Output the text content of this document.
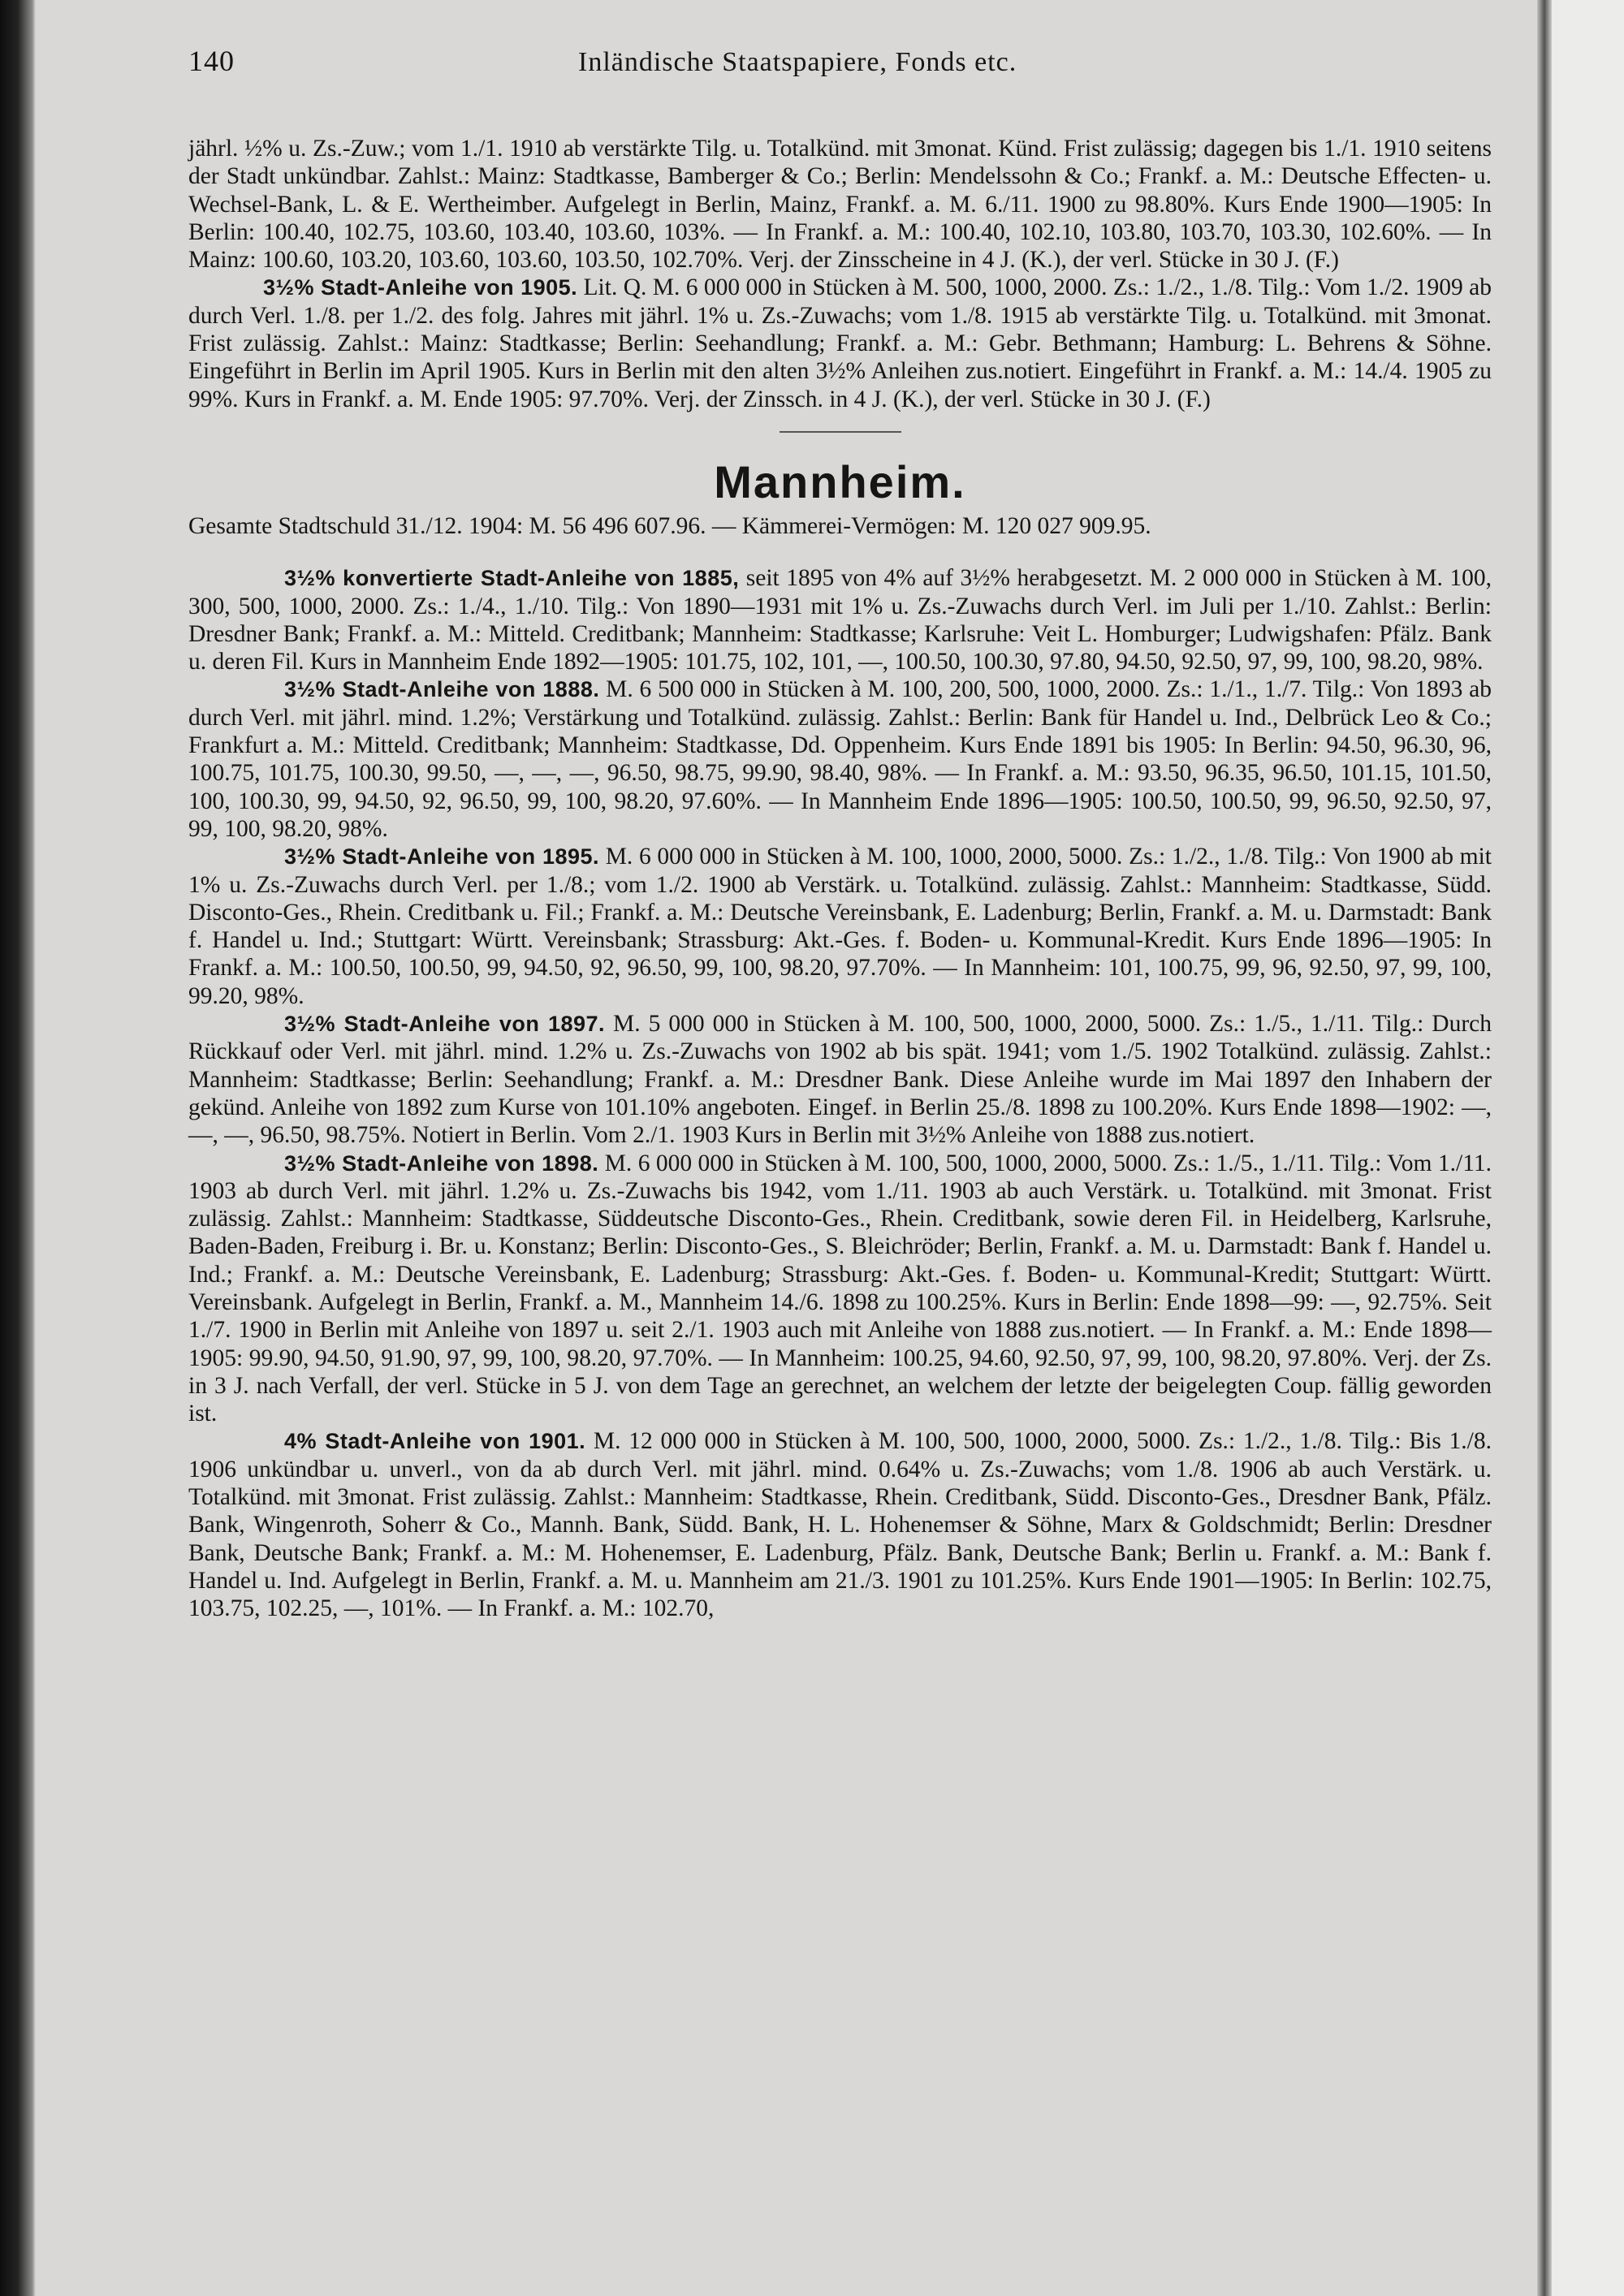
140	Inländische Staatspapiere, Fonds etc.

jährl. ½% u. Zs.-Zuw.; vom 1./1. 1910 ab verstärkte Tilg. u. Totalkünd. mit 3monat. Künd. Frist zulässig; dagegen bis 1./1. 1910 seitens der Stadt unkündbar. Zahlst.: Mainz: Stadtkasse, Bamberger & Co.; Berlin: Mendelssohn & Co.; Frankf. a. M.: Deutsche Effecten- u. Wechsel-Bank, L. & E. Wertheimber. Aufgelegt in Berlin, Mainz, Frankf. a. M. 6./11. 1900 zu 98.80%. Kurs Ende 1900—1905: In Berlin: 100.40, 102.75, 103.60, 103.40, 103.60, 103%. — In Frankf. a. M.: 100.40, 102.10, 103.80, 103.70, 103.30, 102.60%. — In Mainz: 100.60, 103.20, 103.60, 103.60, 103.50, 102.70%. Verj. der Zinsscheine in 4 J. (K.), der verl. Stücke in 30 J. (F.)

3½% Stadt-Anleihe von 1905. Lit. Q. M. 6 000 000 in Stücken à M. 500, 1000, 2000. Zs.: 1./2., 1./8. Tilg.: Vom 1./2. 1909 ab durch Verl. 1./8. per 1./2. des folg. Jahres mit jährl. 1% u. Zs.-Zuwachs; vom 1./8. 1915 ab verstärkte Tilg. u. Totalkünd. mit 3monat. Frist zulässig. Zahlst.: Mainz: Stadtkasse; Berlin: Seehandlung; Frankf. a. M.: Gebr. Bethmann; Hamburg: L. Behrens & Söhne. Eingeführt in Berlin im April 1905. Kurs in Berlin mit den alten 3½% Anleihen zus.notiert. Eingeführt in Frankf. a. M.: 14./4. 1905 zu 99%. Kurs in Frankf. a. M. Ende 1905: 97.70%. Verj. der Zinssch. in 4 J. (K.), der verl. Stücke in 30 J. (F.)

Mannheim.

Gesamte Stadtschuld 31./12. 1904: M. 56 496 607.96. — Kämmerei-Vermögen: M. 120 027 909.95.

3½% konvertierte Stadt-Anleihe von 1885, seit 1895 von 4% auf 3½% herabgesetzt. M. 2 000 000 in Stücken à M. 100, 300, 500, 1000, 2000. Zs.: 1./4., 1./10. Tilg.: Von 1890—1931 mit 1% u. Zs.-Zuwachs durch Verl. im Juli per 1./10. Zahlst.: Berlin: Dresdner Bank; Frankf. a. M.: Mitteld. Creditbank; Mannheim: Stadtkasse; Karlsruhe: Veit L. Homburger; Ludwigshafen: Pfälz. Bank u. deren Fil. Kurs in Mannheim Ende 1892—1905: 101.75, 102, 101, —, 100.50, 100.30, 97.80, 94.50, 92.50, 97, 99, 100, 98.20, 98%.

3½% Stadt-Anleihe von 1888. M. 6 500 000 in Stücken à M. 100, 200, 500, 1000, 2000. Zs.: 1./1., 1./7. Tilg.: Von 1893 ab durch Verl. mit jährl. mind. 1.2%; Verstärkung und Totalkünd. zulässig. Zahlst.: Berlin: Bank für Handel u. Ind., Delbrück Leo & Co.; Frankfurt a. M.: Mitteld. Creditbank; Mannheim: Stadtkasse, Dd. Oppenheim. Kurs Ende 1891 bis 1905: In Berlin: 94.50, 96.30, 96, 100.75, 101.75, 100.30, 99.50, —, —, —, 96.50, 98.75, 99.90, 98.40, 98%. — In Frankf. a. M.: 93.50, 96.35, 96.50, 101.15, 101.50, 100, 100.30, 99, 94.50, 92, 96.50, 99, 100, 98.20, 97.60%. — In Mannheim Ende 1896—1905: 100.50, 100.50, 99, 96.50, 92.50, 97, 99, 100, 98.20, 98%.

3½% Stadt-Anleihe von 1895. M. 6 000 000 in Stücken à M. 100, 1000, 2000, 5000. Zs.: 1./2., 1./8. Tilg.: Von 1900 ab mit 1% u. Zs.-Zuwachs durch Verl. per 1./8.; vom 1./2. 1900 ab Verstärk. u. Totalkünd. zulässig. Zahlst.: Mannheim: Stadtkasse, Südd. Disconto-Ges., Rhein. Creditbank u. Fil.; Frankf. a. M.: Deutsche Vereinsbank, E. Ladenburg; Berlin, Frankf. a. M. u. Darmstadt: Bank f. Handel u. Ind.; Stuttgart: Württ. Vereinsbank; Strassburg: Akt.-Ges. f. Boden- u. Kommunal-Kredit. Kurs Ende 1896—1905: In Frankf. a. M.: 100.50, 100.50, 99, 94.50, 92, 96.50, 99, 100, 98.20, 97.70%. — In Mannheim: 101, 100.75, 99, 96, 92.50, 97, 99, 100, 99.20, 98%.

3½% Stadt-Anleihe von 1897. M. 5 000 000 in Stücken à M. 100, 500, 1000, 2000, 5000. Zs.: 1./5., 1./11. Tilg.: Durch Rückkauf oder Verl. mit jährl. mind. 1.2% u. Zs.-Zuwachs von 1902 ab bis spät. 1941; vom 1./5. 1902 Totalkünd. zulässig. Zahlst.: Mannheim: Stadtkasse; Berlin: Seehandlung; Frankf. a. M.: Dresdner Bank. Diese Anleihe wurde im Mai 1897 den Inhabern der gekünd. Anleihe von 1892 zum Kurse von 101.10% angeboten. Eingef. in Berlin 25./8. 1898 zu 100.20%. Kurs Ende 1898—1902: —, —, —, 96.50, 98.75%. Notiert in Berlin. Vom 2./1. 1903 Kurs in Berlin mit 3½% Anleihe von 1888 zus.notiert.

3½% Stadt-Anleihe von 1898. M. 6 000 000 in Stücken à M. 100, 500, 1000, 2000, 5000. Zs.: 1./5., 1./11. Tilg.: Vom 1./11. 1903 ab durch Verl. mit jährl. 1.2% u. Zs.-Zuwachs bis 1942, vom 1./11. 1903 ab auch Verstärk. u. Totalkünd. mit 3monat. Frist zulässig. Zahlst.: Mannheim: Stadtkasse, Süddeutsche Disconto-Ges., Rhein. Creditbank, sowie deren Fil. in Heidelberg, Karlsruhe, Baden-Baden, Freiburg i. Br. u. Konstanz; Berlin: Disconto-Ges., S. Bleichröder; Berlin, Frankf. a. M. u. Darmstadt: Bank f. Handel u. Ind.; Frankf. a. M.: Deutsche Vereinsbank, E. Ladenburg; Strassburg: Akt.-Ges. f. Boden- u. Kommunal-Kredit; Stuttgart: Württ. Vereinsbank. Aufgelegt in Berlin, Frankf. a. M., Mannheim 14./6. 1898 zu 100.25%. Kurs in Berlin: Ende 1898—99: —, 92.75%. Seit 1./7. 1900 in Berlin mit Anleihe von 1897 u. seit 2./1. 1903 auch mit Anleihe von 1888 zus.notiert. — In Frankf. a. M.: Ende 1898—1905: 99.90, 94.50, 91.90, 97, 99, 100, 98.20, 97.70%. — In Mannheim: 100.25, 94.60, 92.50, 97, 99, 100, 98.20, 97.80%. Verj. der Zs. in 3 J. nach Verfall, der verl. Stücke in 5 J. von dem Tage an gerechnet, an welchem der letzte der beigelegten Coup. fällig geworden ist.

4% Stadt-Anleihe von 1901. M. 12 000 000 in Stücken à M. 100, 500, 1000, 2000, 5000. Zs.: 1./2., 1./8. Tilg.: Bis 1./8. 1906 unkündbar u. unverl., von da ab durch Verl. mit jährl. mind. 0.64% u. Zs.-Zuwachs; vom 1./8. 1906 ab auch Verstärk. u. Totalkünd. mit 3monat. Frist zulässig. Zahlst.: Mannheim: Stadtkasse, Rhein. Creditbank, Südd. Disconto-Ges., Dresdner Bank, Pfälz. Bank, Wingenroth, Soherr & Co., Mannh. Bank, Südd. Bank, H. L. Hohenemser & Söhne, Marx & Goldschmidt; Berlin: Dresdner Bank, Deutsche Bank; Frankf. a. M.: M. Hohenemser, E. Ladenburg, Pfälz. Bank, Deutsche Bank; Berlin u. Frankf. a. M.: Bank f. Handel u. Ind. Aufgelegt in Berlin, Frankf. a. M. u. Mannheim am 21./3. 1901 zu 101.25%. Kurs Ende 1901—1905: In Berlin: 102.75, 103.75, 102.25, —, 101%. — In Frankf. a. M.: 102.70,
